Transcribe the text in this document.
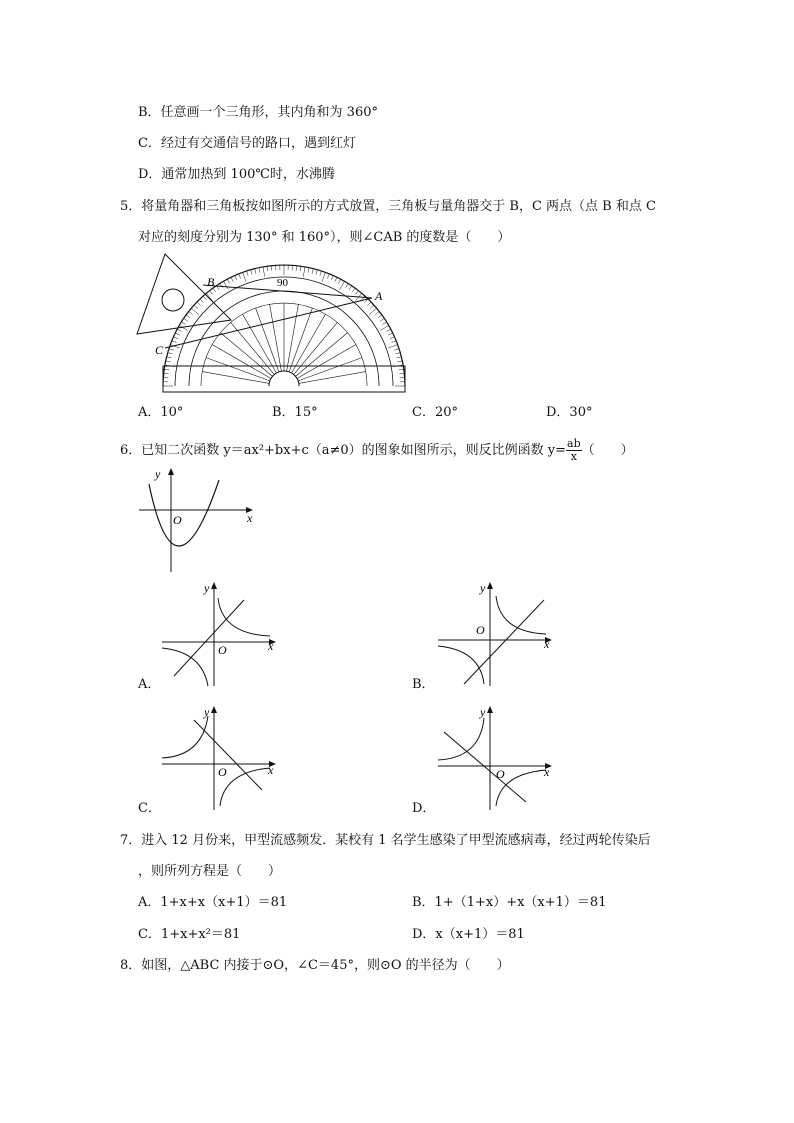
B．任意画一个三角形，其内角和为 360°
C．经过有交通信号的路口，遇到红灯
D．通常加热到 100℃时，水沸腾
5．将量角器和三角板按如图所示的方式放置，三角板与量角器交于 B，C 两点（点 B 和点 C
对应的刻度分别为 130° 和 160°），则∠CAB 的度数是（　　）
B
C
A
90
A．10°	B．15°	C．20°	D．30°
6．已知二次函数 y＝ax²+bx+c（a≠0）的图象如图所示，则反比例函数 $y= \frac{ab}{x}$ （　　）
y
x
O
y
x
O
A．
y
x
O
B．
y
x
O
C．
y
x
O
D．
7．进入 12 月份来，甲型流感频发．某校有 1 名学生感染了甲型流感病毒，经过两轮传染后
，则所列方程是（　　）
A．1+x+x（x+1）＝81	B．1+（1+x）+x（x+1）＝81
C．1+x+x²＝81	D．x（x+1）＝81
8．如图，△ABC 内接于⊙O，∠C＝45°，则⊙O 的半径为（　　）
